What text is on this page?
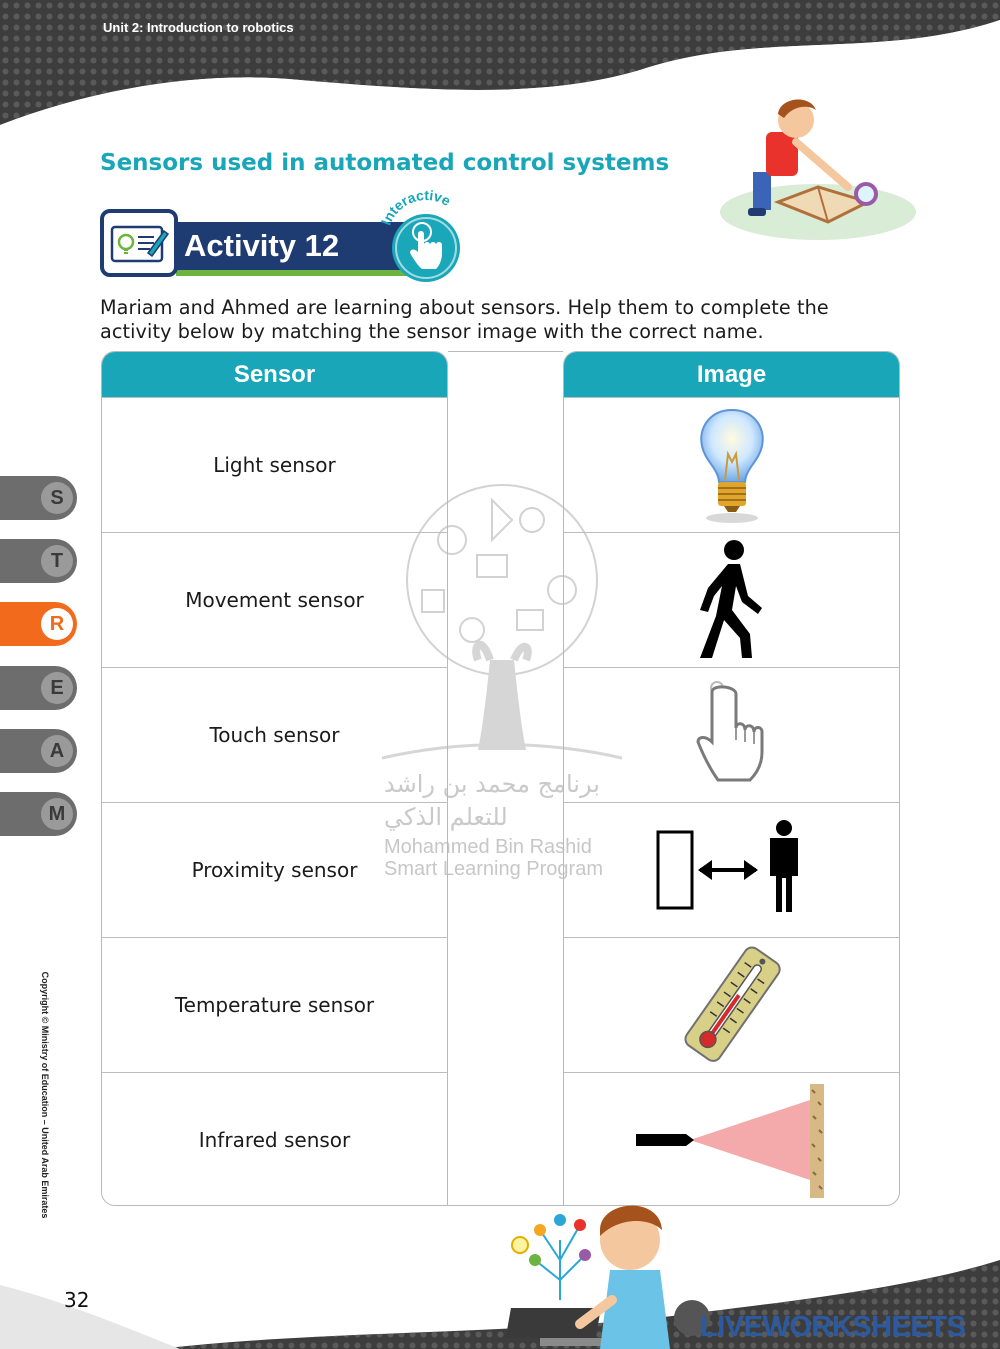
Unit 2: Introduction to robotics
Sensors used in automated control systems
Activity 12
Interactive
Mariam and Ahmed are learning about sensors. Help them to complete the activity below by matching the sensor image with the correct name.
برنامج محمد بن راشد
للتعلم الذكي
Mohammed Bin Rashid
Smart Learning Program
Sensor
Light sensor
Movement sensor
Touch sensor
Proximity sensor
Temperature sensor
Infrared sensor
Image
S
T
R
E
A
M
Copyright © Ministry of Education – United Arab Emirates
32
LIVEWORKSHEETS
